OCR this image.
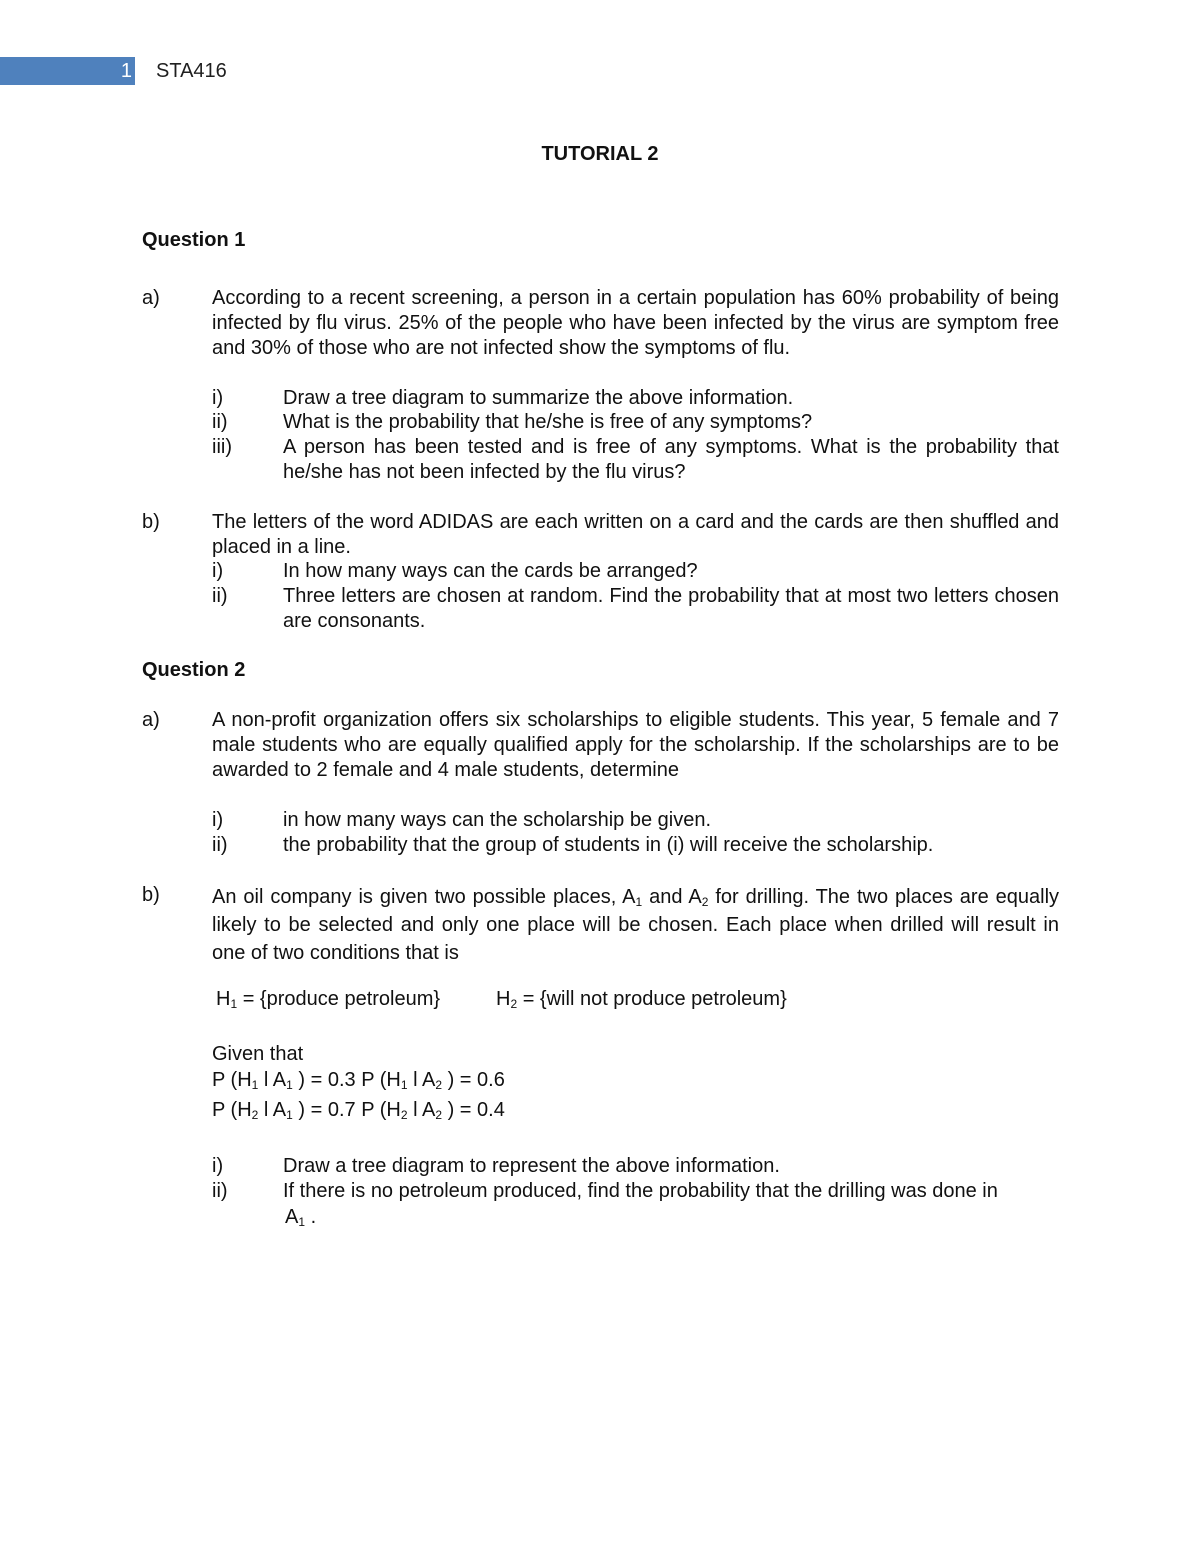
1 STA416
TUTORIAL 2
Question 1
a)	According to a recent screening, a person in a certain population has 60% probability of being infected by flu virus. 25% of the people who have been infected by the virus are symptom free and 30% of those who are not infected show the symptoms of flu.
i)	Draw a tree diagram to summarize the above information.
ii)	What is the probability that he/she is free of any symptoms?
iii)	A person has been tested and is free of any symptoms. What is the probability that he/she has not been infected by the flu virus?
b)	The letters of the word ADIDAS are each written on a card and the cards are then shuffled and placed in a line.
i)	In how many ways can the cards be arranged?
ii)	Three letters are chosen at random. Find the probability that at most two letters chosen are consonants.
Question 2
a)	A non-profit organization offers six scholarships to eligible students. This year, 5 female and 7 male students who are equally qualified apply for the scholarship. If the scholarships are to be awarded to 2 female and 4 male students, determine
i)	in how many ways can the scholarship be given.
ii)	the probability that the group of students in (i) will receive the scholarship.
b)	An oil company is given two possible places, $A_1$ and $A_2$ for drilling. The two places are equally likely to be selected and only one place will be chosen. Each place when drilled will result in one of two conditions that is
$H_1$ = {produce petroleum}	$H_2$ = {will not produce petroleum}
Given that
P ($H_1$ l $A_1$ ) = 0.3 P ($H_1$ l $A_2$ ) = 0.6
P ($H_2$ l $A_1$ ) = 0.7 P ($H_2$ l $A_2$ ) = 0.4
i)	Draw a tree diagram to represent the above information.
ii)	If there is no petroleum produced, find the probability that the drilling was done in
$A_1$ .
